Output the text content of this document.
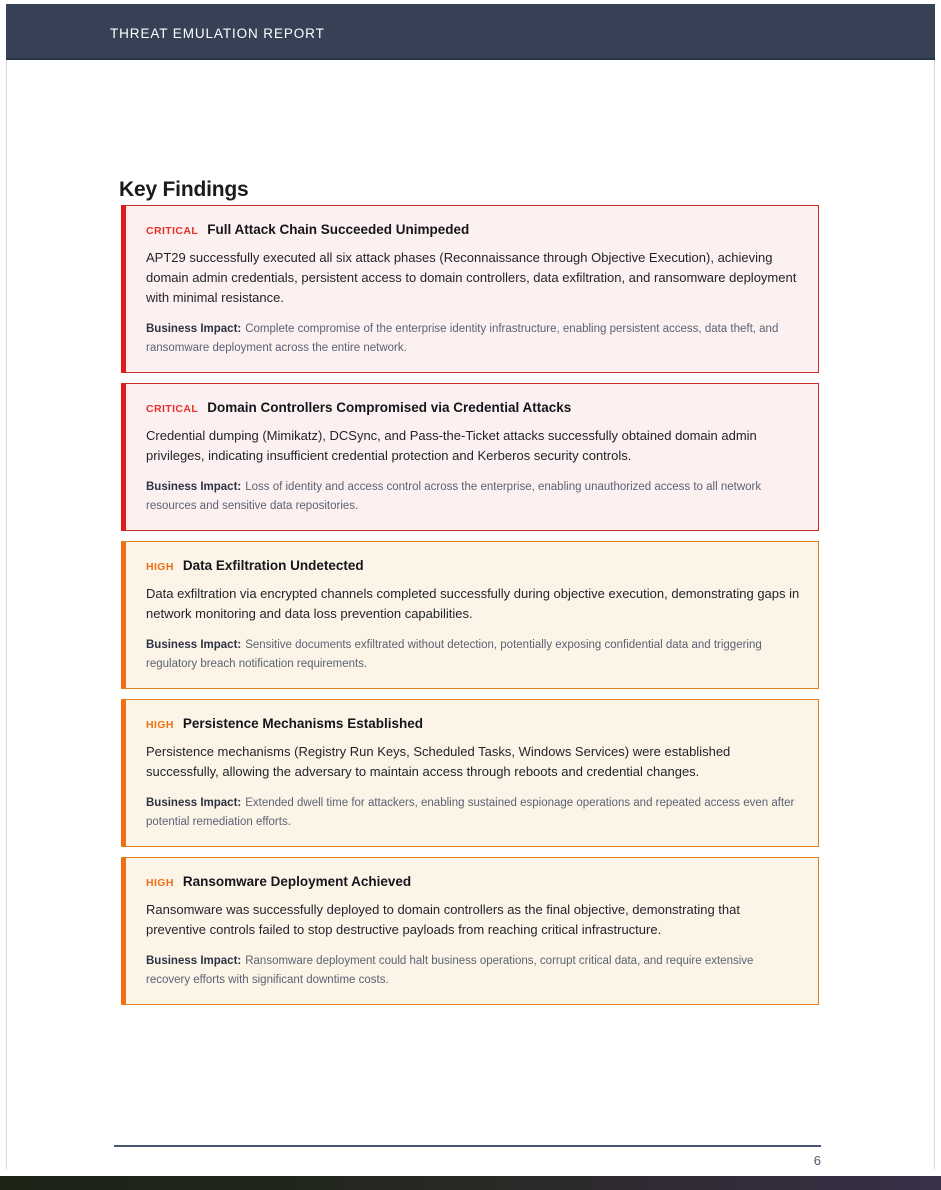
THREAT EMULATION REPORT
Key Findings
CRITICAL Full Attack Chain Succeeded Unimpeded

APT29 successfully executed all six attack phases (Reconnaissance through Objective Execution), achieving domain admin credentials, persistent access to domain controllers, data exfiltration, and ransomware deployment with minimal resistance.

Business Impact: Complete compromise of the enterprise identity infrastructure, enabling persistent access, data theft, and ransomware deployment across the entire network.

CRITICAL Domain Controllers Compromised via Credential Attacks

Credential dumping (Mimikatz), DCSync, and Pass-the-Ticket attacks successfully obtained domain admin privileges, indicating insufficient credential protection and Kerberos security controls.

Business Impact: Loss of identity and access control across the enterprise, enabling unauthorized access to all network resources and sensitive data repositories.

HIGH Data Exfiltration Undetected

Data exfiltration via encrypted channels completed successfully during objective execution, demonstrating gaps in network monitoring and data loss prevention capabilities.

Business Impact: Sensitive documents exfiltrated without detection, potentially exposing confidential data and triggering regulatory breach notification requirements.

HIGH Persistence Mechanisms Established

Persistence mechanisms (Registry Run Keys, Scheduled Tasks, Windows Services) were established successfully, allowing the adversary to maintain access through reboots and credential changes.

Business Impact: Extended dwell time for attackers, enabling sustained espionage operations and repeated access even after potential remediation efforts.

HIGH Ransomware Deployment Achieved

Ransomware was successfully deployed to domain controllers as the final objective, demonstrating that preventive controls failed to stop destructive payloads from reaching critical infrastructure.

Business Impact: Ransomware deployment could halt business operations, corrupt critical data, and require extensive recovery efforts with significant downtime costs.

6
